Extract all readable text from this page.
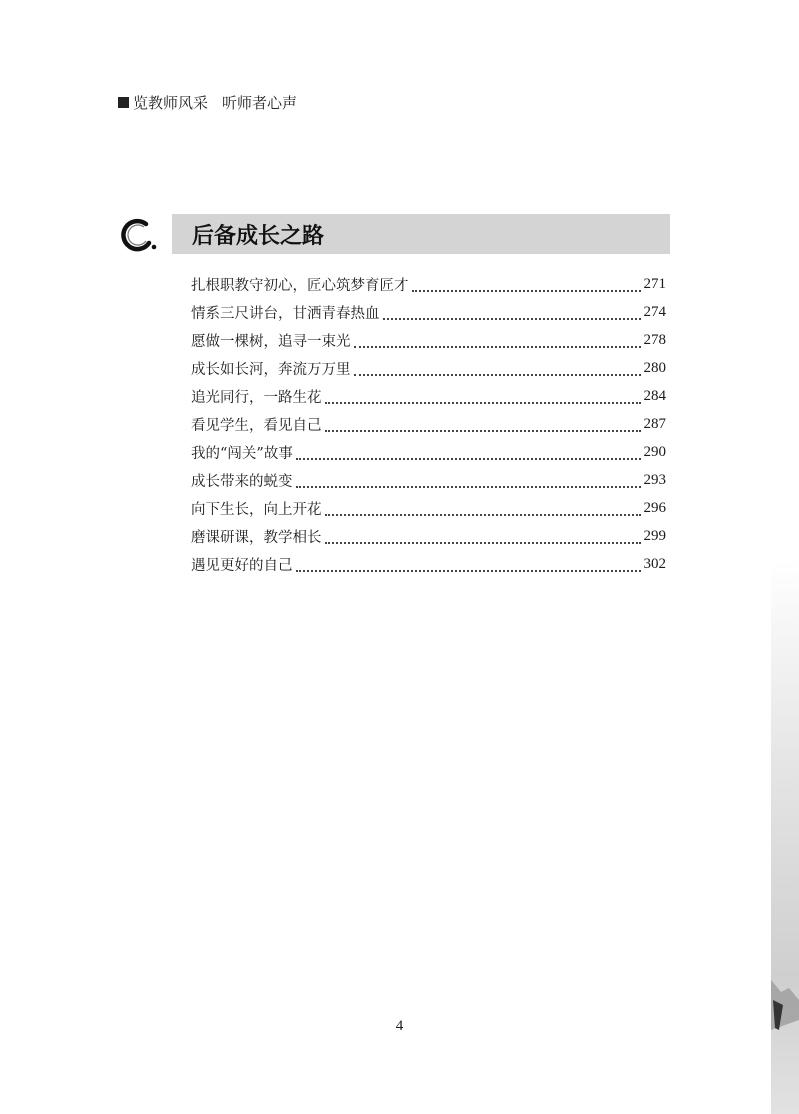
览教师风采 听师者心声
后备成长之路
扎根职教守初心，匠心筑梦育匠才	271
情系三尺讲台，甘洒青春热血	274
愿做一棵树，追寻一束光	278
成长如长河，奔流万万里	280
追光同行，一路生花	284
看见学生，看见自己	287
我的“闯关”故事	290
成长带来的蜕变	293
向下生长，向上开花	296
磨课研课，教学相长	299
遇见更好的自己	302
4
